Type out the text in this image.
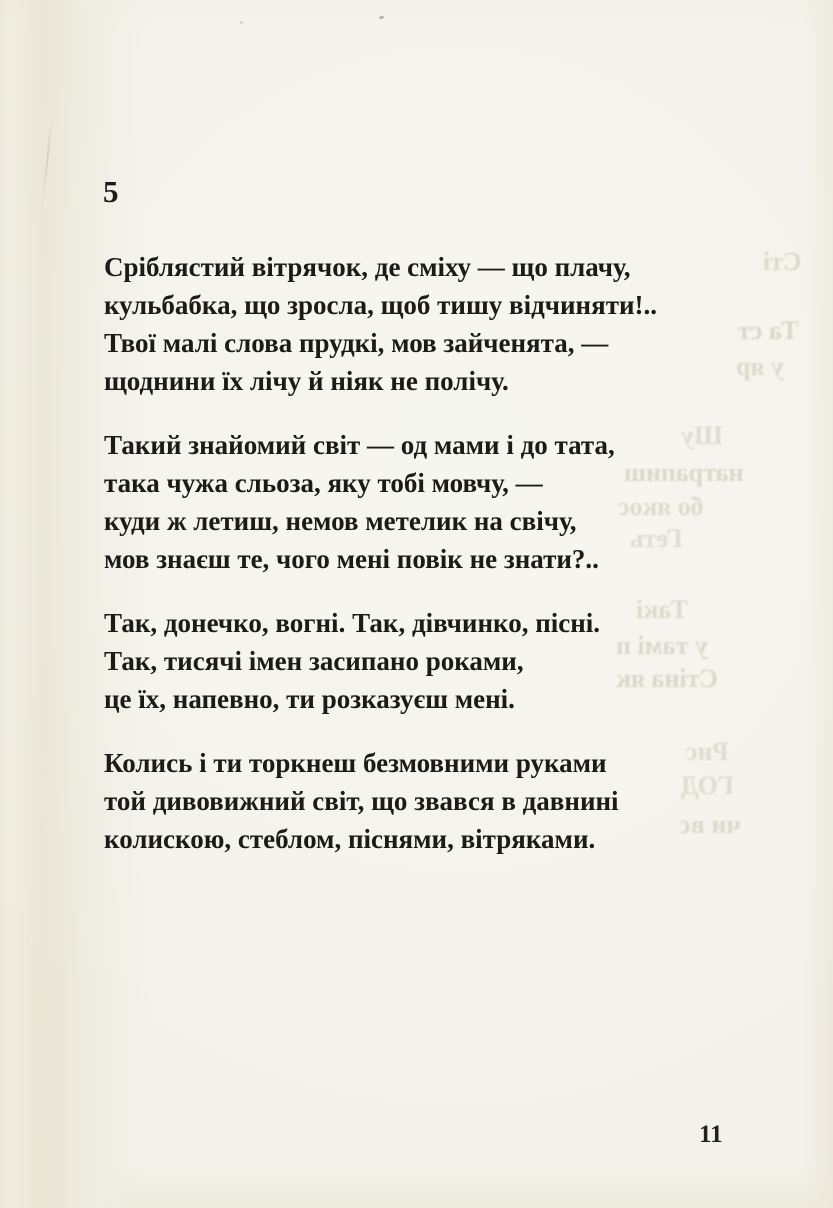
Сті
Та ст
у яр
Шу
натрапиш
бо якос
Геть
Такі
у тамі п
Стіна як
Рис
ГОД
чи вс
5
Сріблястий вітрячок, де сміху — що плачу,
кульбабка, що зросла, щоб тишу відчиняти!..
Твої малі слова прудкі, мов зайченята, —
щоднини їх лічу й ніяк не полічу.
Такий знайомий світ — од мами і до тата,
така чужа сльоза, яку тобі мовчу, —
куди ж летиш, немов метелик на свічу,
мов знаєш те, чого мені повік не знати?..
Так, донечко, вогні. Так, дівчинко, пісні.
Так, тисячі імен засипано роками,
це їх, напевно, ти розказуєш мені.
Колись і ти торкнеш безмовними руками
той дивовижний світ, що звався в давнині
колискою, стеблом, піснями, вітряками.
11
